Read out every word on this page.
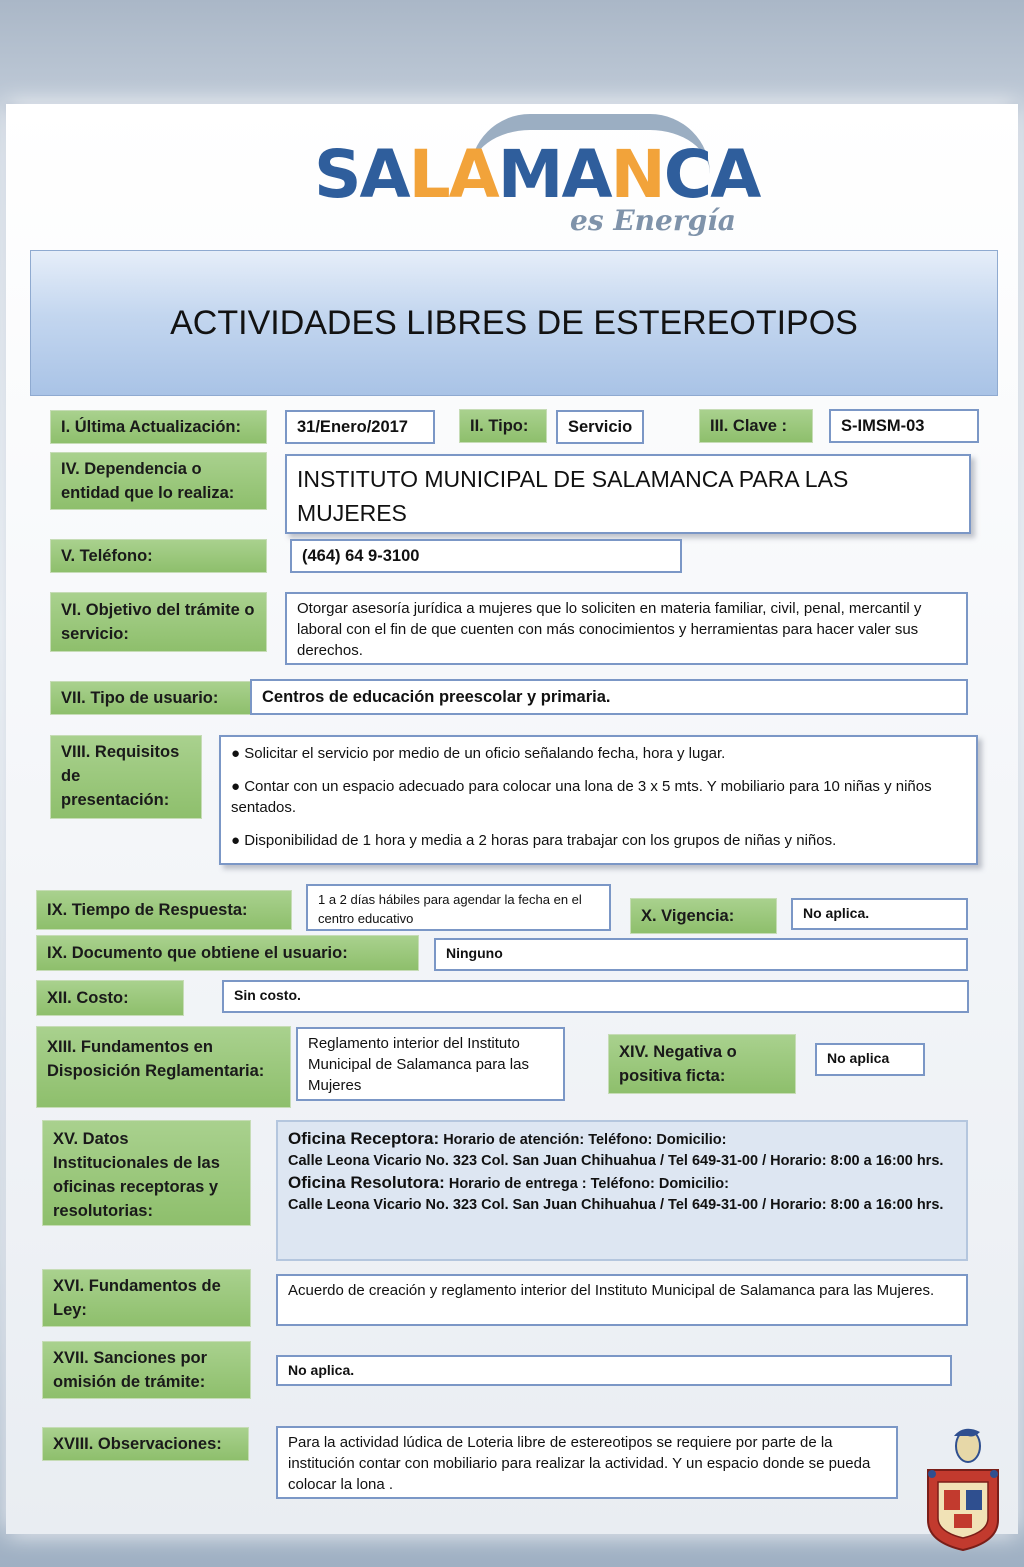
SALAMANCA
es Energía
ACTIVIDADES LIBRES DE ESTEREOTIPOS
I. Última Actualización:	31/Enero/2017	II. Tipo:	Servicio	III. Clave :	S-IMSM-03
IV. Dependencia o entidad que lo realiza:
INSTITUTO MUNICIPAL DE SALAMANCA PARA LAS MUJERES
V. Teléfono:	(464) 64 9-3100
VI. Objetivo del trámite o servicio:
Otorgar asesoría jurídica a mujeres que lo soliciten en materia familiar, civil, penal, mercantil y laboral con el fin de que cuenten con más conocimientos y herramientas para hacer valer sus derechos.
VII. Tipo de usuario:	Centros de educación preescolar y primaria.
VIII. Requisitos de presentación:
● Solicitar el servicio por medio de un oficio señalando fecha, hora y lugar.
● Contar con un espacio adecuado para colocar una lona de 3 x 5 mts. Y mobiliario para 10 niñas y niños sentados.
● Disponibilidad de 1 hora y media a 2 horas para trabajar con los grupos de niñas y niños.
IX. Tiempo de Respuesta:
1 a 2 días hábiles para agendar la fecha en el centro educativo	X. Vigencia:	No aplica.
IX. Documento que obtiene el usuario:	Ninguno
XII. Costo:	Sin costo.
XIII. Fundamentos en Disposición Reglamentaria:
Reglamento interior del Instituto Municipal de Salamanca para las Mujeres
XIV. Negativa o positiva ficta:
No aplica
XV. Datos Institucionales de las oficinas receptoras y resolutorias:
Oficina Receptora: Horario de atención: Teléfono: Domicilio:
Calle Leona Vicario No. 323 Col. San Juan Chihuahua / Tel 649-31-00 / Horario: 8:00 a 16:00 hrs.
Oficina Resolutora: Horario de entrega : Teléfono: Domicilio:
Calle Leona Vicario No. 323 Col. San Juan Chihuahua / Tel 649-31-00 / Horario: 8:00 a 16:00 hrs.
XVI. Fundamentos de Ley:
Acuerdo de creación y reglamento interior del Instituto Municipal de Salamanca para las Mujeres.
XVII. Sanciones por omisión de trámite:
No aplica.
XVIII. Observaciones:	Para la actividad lúdica de Loteria libre de estereotipos se requiere por parte de la institución contar con mobiliario para realizar la actividad. Y un espacio donde se pueda colocar la lona .
